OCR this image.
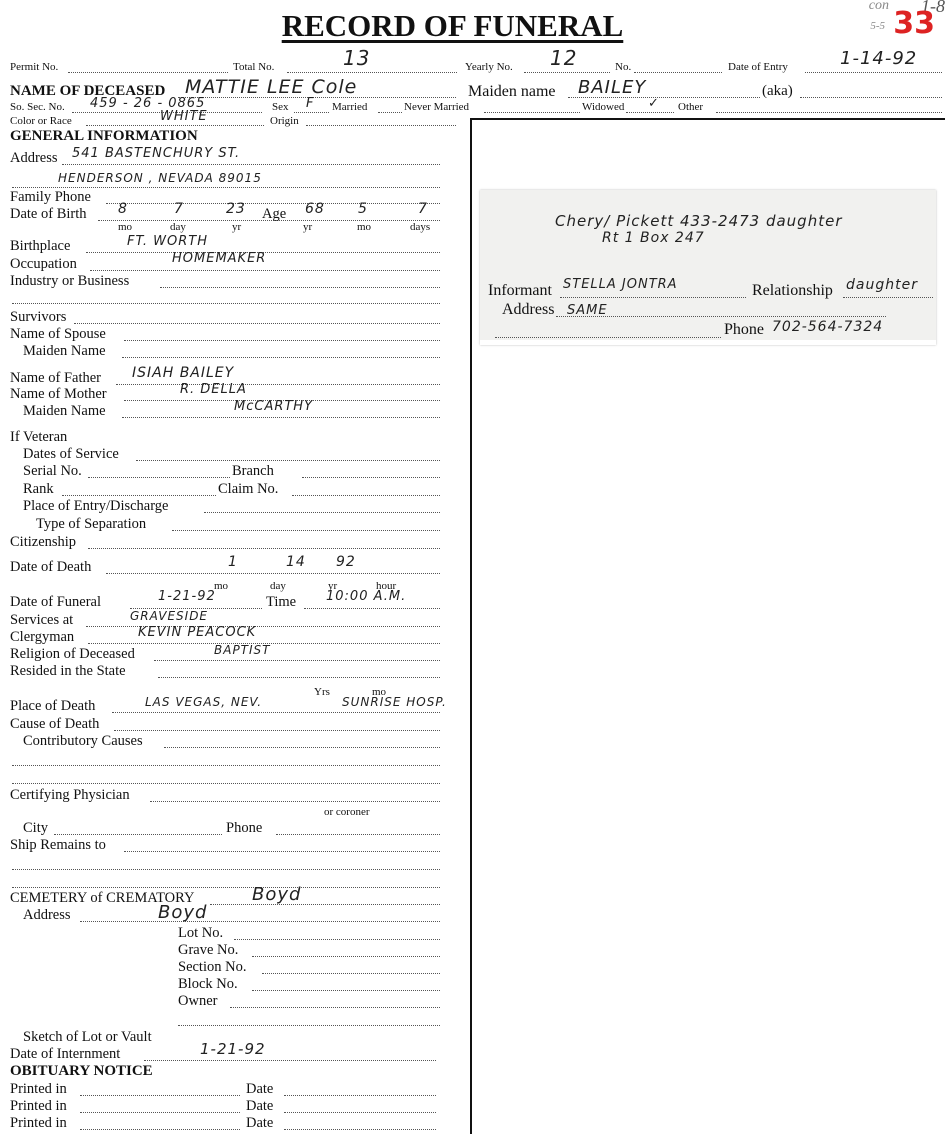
1-8
con
5-5
RECORD OF FUNERAL	33
Permit No.	Total No.	13	Yearly No. 12	No.	Date of Entry	1-14-92
NAME OF DECEASED MATTIE LEE Cole	Maiden name BAILEY	(aka)
So. Sec. No. 459 - 26 - 0865	Sex F Married	Never Married	Widowed ✓ Other
Color or Race	WHITE	Origin
Chery/ Pickett 433-2473 daughter
Rt 1 Box 247
Informant STELLA JONTRA	Relationship daughter
Address SAME
Phone 702-564-7324
GENERAL INFORMATION
Address 541 BASTENCHURY ST.
HENDERSON , NEVADA 89015
Family Phone
Date of Birth 8	7	23 Age 68 5	7
mo	day	yr	yr	mo	days
Birthplace	FT. WORTH
Occupation	HOMEMAKER
Industry or Business
Survivors
Name of Spouse
Maiden Name
Name of Father ISIAH BAILEY
Name of Mother	R. DELLA
Maiden Name	McCARTHY
If Veteran
Dates of Service
Serial No.	Branch
Rank	Claim No.
Place of Entry/Discharge
Type of Separation
Citizenship
Date of Death	1	14 92
mo	day	yr	hour
Date of Funeral	1-21-92	Time 10:00 A.M.
Services at	GRAVESIDE
Clergyman	KEVIN PEACOCK
Religion of Deceased	BAPTIST
Resided in the State
Yrs	mo
Place of Death	LAS VEGAS, NEV.	SUNRISE HOSP.
Cause of Death
Contributory Causes
Certifying Physician
or coroner
City	Phone
Ship Remains to
CEMETERY of CREMATORY	Boyd
Address	Boyd
Lot No.
Grave No.
Section No.
Block No.
Owner
Sketch of Lot or Vault
Date of Internment	1-21-92
OBITUARY NOTICE
Printed in	Date
Printed in	Date
Printed in	Date
